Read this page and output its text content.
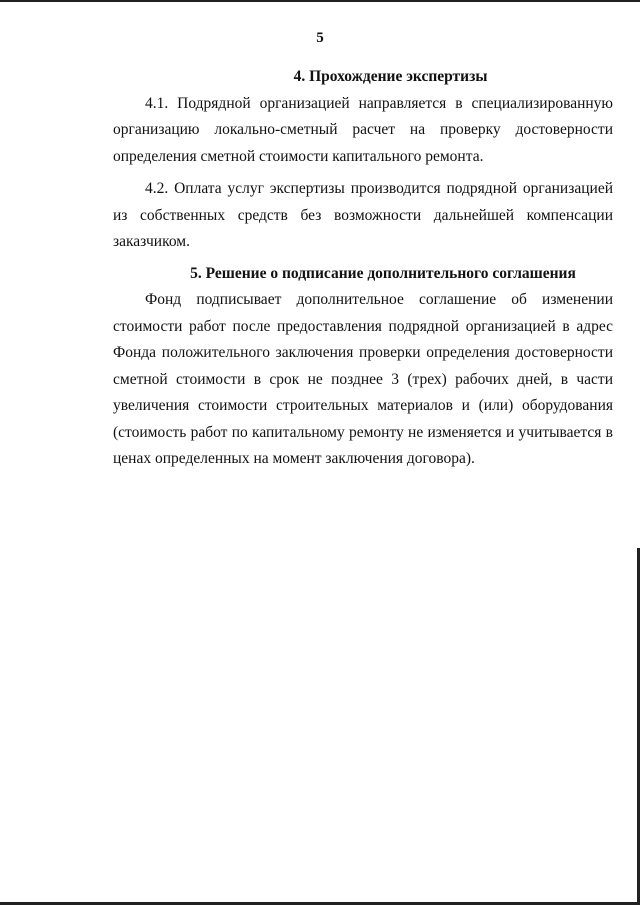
5
4. Прохождение экспертизы

4.1. Подрядной организацией направляется в специализированную организацию локально-сметный расчет на проверку достоверности определения сметной стоимости капитального ремонта.

4.2. Оплата услуг экспертизы производится подрядной организацией из собственных средств без возможности дальнейшей компенсации заказчиком.

5. Решение о подписание дополнительного соглашения

Фонд подписывает дополнительное соглашение об изменении стоимости работ после предоставления подрядной организацией в адрес Фонда положительного заключения проверки определения достоверности сметной стоимости в срок не позднее 3 (трех) рабочих дней, в части увеличения стоимости строительных материалов и (или) оборудования (стоимость работ по капитальному ремонту не изменяется и учитывается в ценах определенных на момент заключения договора).
